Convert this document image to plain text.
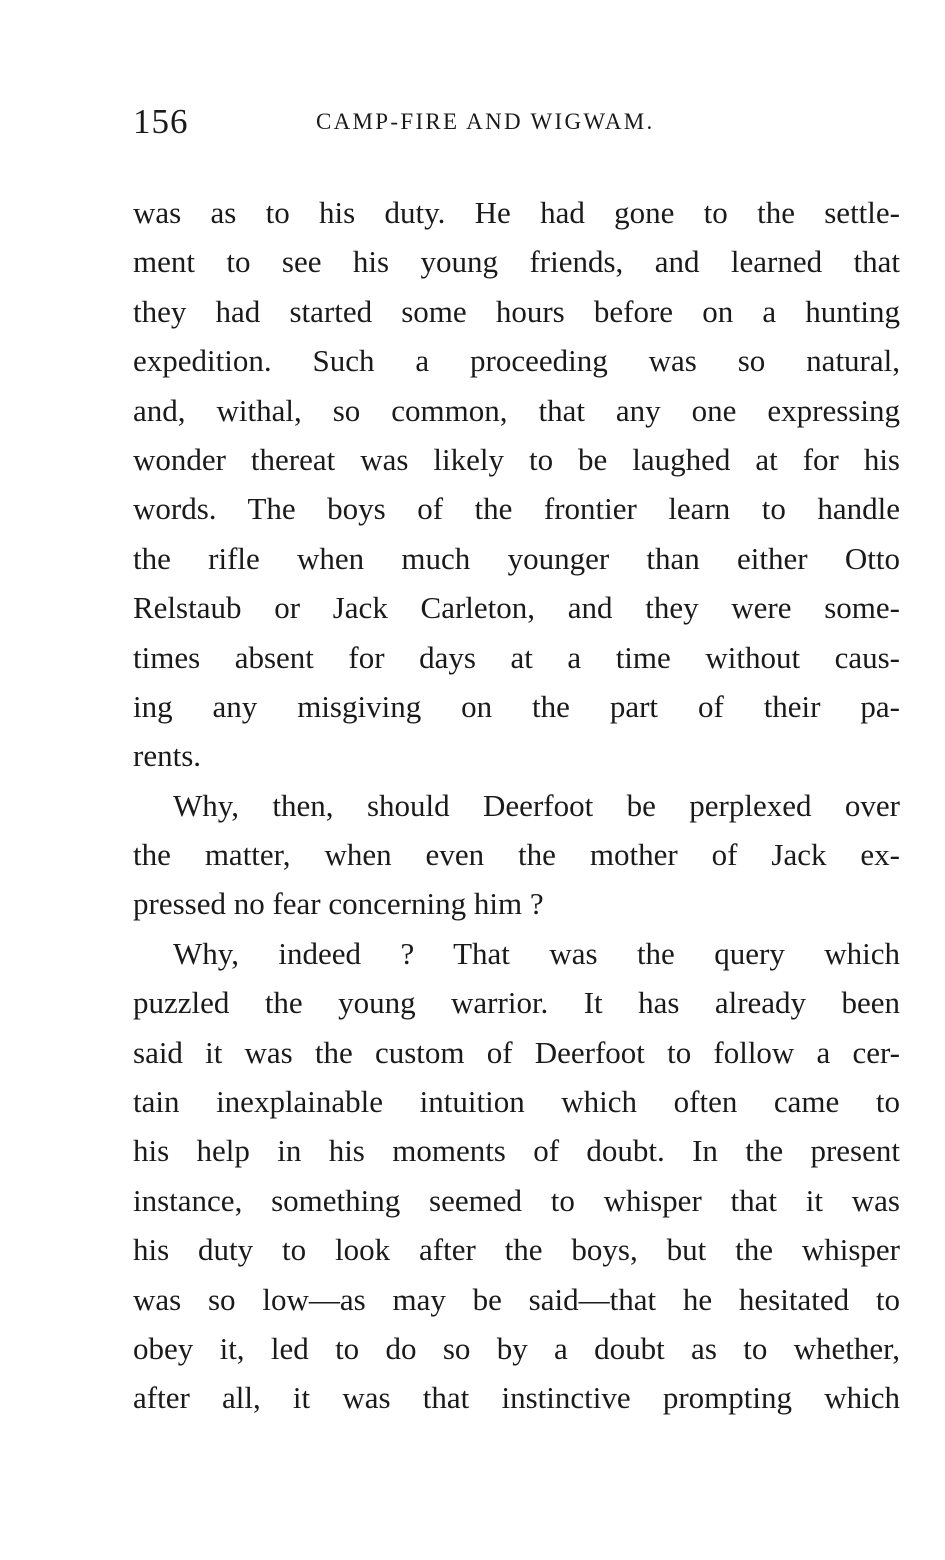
156	CAMP-FIRE AND WIGWAM.
was as to his duty. He had gone to the settle-
ment to see his young friends, and learned that
they had started some hours before on a hunting
expedition. Such a proceeding was so natural,
and, withal, so common, that any one expressing
wonder thereat was likely to be laughed at for his
words. The boys of the frontier learn to handle
the rifle when much younger than either Otto
Relstaub or Jack Carleton, and they were some-
times absent for days at a time without caus-
ing any misgiving on the part of their pa-
rents.
Why, then, should Deerfoot be perplexed over
the matter, when even the mother of Jack ex-
pressed no fear concerning him ?
Why, indeed ? That was the query which
puzzled the young warrior. It has already been
said it was the custom of Deerfoot to follow a cer-
tain inexplainable intuition which often came to
his help in his moments of doubt. In the present
instance, something seemed to whisper that it was
his duty to look after the boys, but the whisper
was so low—as may be said—that he hesitated to
obey it, led to do so by a doubt as to whether,
after all, it was that instinctive prompting which
